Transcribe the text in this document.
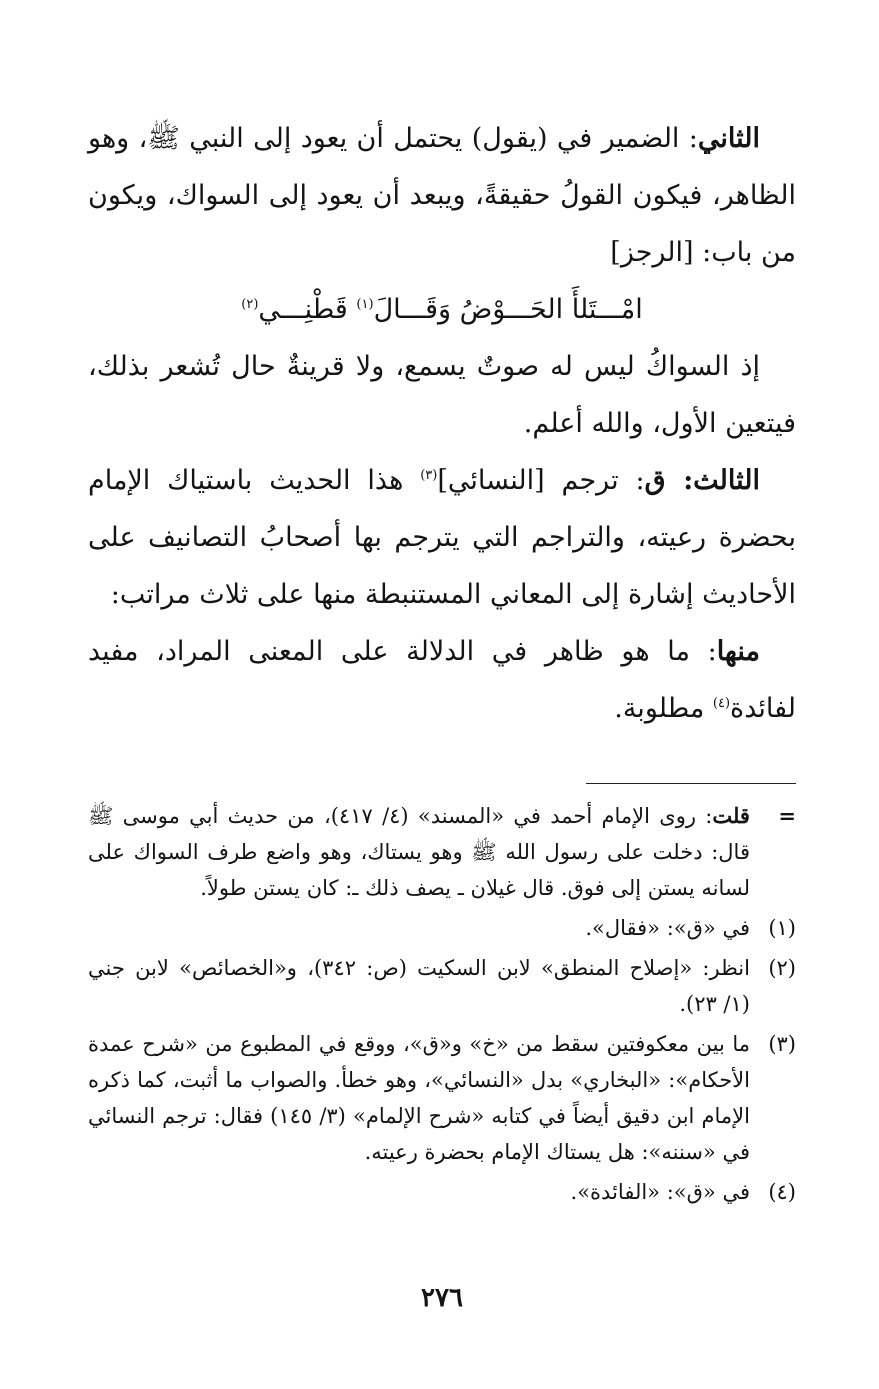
الثاني: الضمير في (يقول) يحتمل أن يعود إلى النبي ﷺ، وهو الظاهر، فيكون القولُ حقيقةً، ويبعد أن يعود إلى السواك، ويكون من باب: [الرجز]

امْـــتَلأَ الحَـــوْضُ وَقَـــالَ$^{(١)}$ قَطْنِـــي$^{(٢)}$

إذ السواكُ ليس له صوتٌ يسمع، ولا قرينةٌ حال تُشعر بذلك، فيتعين الأول، والله أعلم.

الثالث: ق: ترجم [النسائي]$^{(٣)}$ هذا الحديث باستياك الإمام بحضرة رعيته، والتراجم التي يترجم بها أصحابُ التصانيف على الأحاديث إشارة إلى المعاني المستنبطة منها على ثلاث مراتب:

منها: ما هو ظاهر في الدلالة على المعنى المراد، مفيد لفائدة$^{(٤)}$ مطلوبة.

=
قلت: روى الإمام أحمد في «المسند» (٤/ ٤١٧)، من حديث أبي موسى ﷺ قال: دخلت على رسول الله ﷺ وهو يستاك، وهو واضع طرف السواك على لسانه يستن إلى فوق. قال غيلان ـ يصف ذلك ـ: كان يستن طولاً.
(١)
في «ق»: «فقال».
(٢)
انظر: «إصلاح المنطق» لابن السكيت (ص: ٣٤٢)، و«الخصائص» لابن جني (١/ ٢٣).
(٣)
ما بين معكوفتين سقط من «خ» و«ق»، ووقع في المطبوع من «شرح عمدة الأحكام»: «البخاري» بدل «النسائي»، وهو خطأ. والصواب ما أثبت، كما ذكره الإمام ابن دقيق أيضاً في كتابه «شرح الإلمام» (٣/ ١٤٥) فقال: ترجم النسائي في «سننه»: هل يستاك الإمام بحضرة رعيته.
(٤)
في «ق»: «الفائدة».
٢٧٦
